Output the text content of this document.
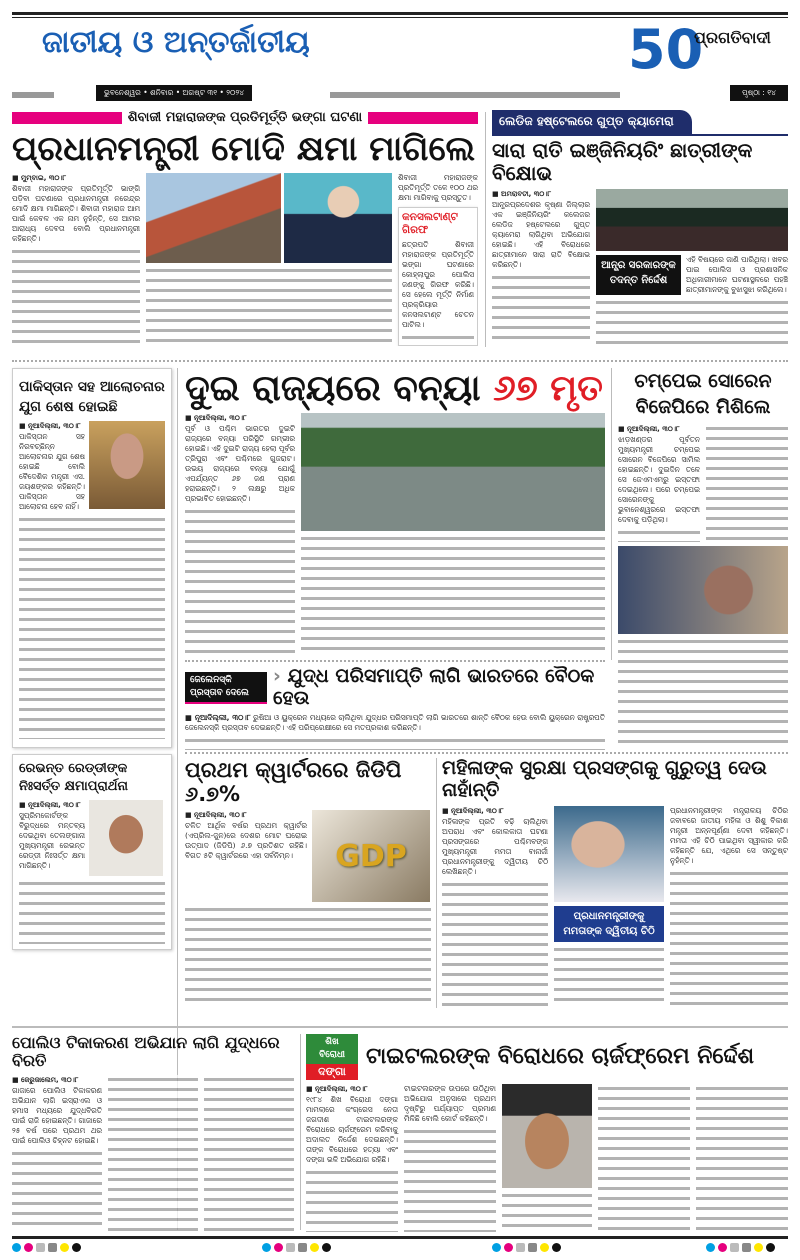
ଜାତୀୟ ଓ ଅନ୍ତର୍ଜାତୀୟ
ଭୁବନେଶ୍ୱର • ଶନିବାର • ଅଗଷ୍ଟ ୩୧ • ୨୦୨୪
50
ପ୍ରଗତିବାଦୀ
ପୃଷ୍ଠା : ୧୪
ଶିବାଜୀ ମହାରାଜଙ୍କ ପ୍ରତିମୂର୍ତ୍ତି ଭଙ୍ଗା ଘଟଣା
ପ୍ରଧାନମନ୍ତ୍ରୀ ମୋଦି କ୍ଷମା ମାଗିଲେ
■ ମୁମ୍ବାଇ, ୩୦।୮
ଶିବାଜୀ ମହାରାଜଙ୍କ ପ୍ରତିମୂର୍ତ୍ତି ଭାଙ୍ଗି ପଡ଼ିବା ଘଟଣାରେ ପ୍ରଧାନମନ୍ତ୍ରୀ ନରେନ୍ଦ୍ର ମୋଦି କ୍ଷମା ମାଗିଛନ୍ତି। ଶିବାଜୀ ମହାରାଜ ଆମ ପାଇଁ କେବଳ ଏକ ନାମ ନୁହଁନ୍ତି, ସେ ଆମର ଆରାଧ୍ୟ ଦେବତା ବୋଲି ପ୍ରଧାନମନ୍ତ୍ରୀ କହିଛନ୍ତି।
ଶିବାଜୀ ମହାରାଜଙ୍କ ପ୍ରତିମୂର୍ତ୍ତି ତଳେ ୧୦୦ ଥର କ୍ଷମା ମାଗିବାକୁ ପ୍ରସ୍ତୁତ।
କନସଲଟାଣ୍ଟ ଗିରଫ
ଛତ୍ରପତି ଶିବାଜୀ ମହାରାଜଙ୍କ ପ୍ରତିମୂର୍ତ୍ତି ଭଙ୍ଗା ଘଟଣାରେ କୋହ୍ଲାପୁର ପୋଲିସ ଜଣଙ୍କୁ ଗିରଫ କରିଛି। ସେ ହେଲେ ମୂର୍ତ୍ତି ନିର୍ମାଣ ପ୍ରକ୍ରିୟାର କନସଲଟାଣ୍ଟ ଚେତନ ପାଟିଲ।
ଲେଡିଜ ହଷ୍ଟେଲରେ ଗୁପ୍ତ କ୍ୟାମେରା
ସାରା ରାତି ଇଞ୍ଜିନିୟରିଂ ଛାତ୍ରୀଙ୍କ ବିକ୍ଷୋଭ
■ ଅମରାବତୀ, ୩୦।୮
ଆନ୍ଧ୍ରପ୍ରଦେଶର କୃଷ୍ଣା ଜିଲ୍ଲାର ଏକ ଇଞ୍ଜିନିୟରିଂ କଲେଜର ଲେଡିଜ ହଷ୍ଟେଲରେ ଗୁପ୍ତ କ୍ୟାମେରା ଲାଗିଥିବା ଅଭିଯୋଗ ହୋଇଛି। ଏହି ବିରୋଧରେ ଛାତ୍ରୀମାନେ ସାରା ରାତି ବିକ୍ଷୋଭ କରିଛନ୍ତି।	ଆନ୍ଧ୍ର ସରକାରଙ୍କ ତଦନ୍ତ ନିର୍ଦ୍ଦେଶ
ଏହି ବିଷୟରେ ଜାଣି ପାରିଥିଲା। ଖବର ପାଇ ପୋଲିସ ଓ ପ୍ରଶାସନିକ ଅଧିକାରୀମାନେ ଘଟଣାସ୍ଥଳରେ ପହଞ୍ଚି ଛାତ୍ରୀମାନଙ୍କୁ ବୁଝାସୁଝା କରିଥିଲେ।
ପାକିସ୍ତାନ ସହ ଆଲୋଚନାର ଯୁଗ ଶେଷ ହୋଇଛି
■ ନୂଆଦିଲ୍ଲୀ, ୩୦।୮
ପାକିସ୍ତାନ ସହ ନିରବଚ୍ଛିନ୍ନ ଆଲୋଚନାର ଯୁଗ ଶେଷ ହୋଇଛି ବୋଲି ବୈଦେଶିକ ମନ୍ତ୍ରୀ ଏସ. ଜୟଶଙ୍କର କହିଛନ୍ତି। ପାକିସ୍ତାନ ସହ ଆଲୋଚନା ହେବ ନାହିଁ।
ଦୁଇ ରାଜ୍ୟରେ ବନ୍ୟା ୬୭ ମୃତ
■ ନୂଆଦିଲ୍ଲୀ, ୩୦।୮
ପୂର୍ବ ଓ ପଶ୍ଚିମ ଭାରତର ଦୁଇଟି ରାଜ୍ୟରେ ବନ୍ୟା ପରିସ୍ଥିତି ଗମ୍ଭୀର ହୋଇଛି। ଏହି ଦୁଇଟି ରାଜ୍ୟ ହେଲା ପୂର୍ବର ତ୍ରିପୁରା ଏବଂ ପଶ୍ଚିମରେ ଗୁଜରାଟ। ଉଭୟ ରାଜ୍ୟରେ ବନ୍ୟା ଯୋଗୁଁ ଏପର୍ଯ୍ୟନ୍ତ ୬୭ ଜଣ ପ୍ରାଣ ହରାଇଛନ୍ତି। ୨ ଲକ୍ଷରୁ ଅଧିକ ପ୍ରଭାବିତ ହୋଇଛନ୍ତି।
ଚମ୍ପେଇ ସୋରେନ ବିଜେପିରେ ମିଶିଲେ
■ ନୂଆଦିଲ୍ଲୀ, ୩୦।୮
ଝାଡ଼ଖଣ୍ଡର ପୂର୍ବତନ ମୁଖ୍ୟମନ୍ତ୍ରୀ ଚମ୍ପେଇ ସୋରେନ ବିଜେପିରେ ସାମିଲ ହୋଇଛନ୍ତି। ଦୁଇଦିନ ତଳେ ସେ ଜେଏମଏମରୁ ଇସ୍ତଫା ଦେଇଥିଲେ। ପରେ ଚମ୍ପେଇ ସୋରେନଙ୍କୁ ଭୁବାନେଶ୍ୱରରେ ଇସ୍ତଫା ଦେବାକୁ ପଡ଼ିଥିଲା।
ଜେଲେନସ୍କି ପ୍ରସ୍ତାବ ଦେଲେ
› ଯୁଦ୍ଧ ପରିସମାପ୍ତି ଲାଗି ଭାରତରେ ବୈଠକ ହେଉ
■ ନୂଆଦିଲ୍ଲୀ, ୩୦।୮ ରୁଷିଆ ଓ ୟୁକ୍ରେନ ମଧ୍ୟରେ ଚାଲିଥିବା ଯୁଦ୍ଧର ପରିସମାପ୍ତି ଲାଗି ଭାରତରେ ଶାନ୍ତି ବୈଠକ ହେଉ ବୋଲି ୟୁକ୍ରେନ ରାଷ୍ଟ୍ରପତି ଜେଲେନସ୍କି ପ୍ରସ୍ତାବ ଦେଇଛନ୍ତି। ଏହି ପରିପ୍ରେକ୍ଷୀରେ ସେ ମତପ୍ରକାଶ କରିଛନ୍ତି।
ରେଭନ୍ତ ରେଡ୍ଡୀଙ୍କ ନିଃସର୍ତ୍ତ କ୍ଷମାପ୍ରାର୍ଥନା
■ ନୂଆଦିଲ୍ଲୀ, ୩୦।୮
ସୁପ୍ରିମକୋର୍ଟଙ୍କ ବିରୁଦ୍ଧରେ ମନ୍ତବ୍ୟ ଦେଇଥିବା ତେଲଙ୍ଗାନା ମୁଖ୍ୟମନ୍ତ୍ରୀ ରେଭନ୍ତ ରେଡ୍ଡୀ ନିଃସର୍ତ୍ତ କ୍ଷମା ମାଗିଛନ୍ତି।
ପ୍ରଥମ କ୍ୱାର୍ଟରରେ ଜିଡିପି ୬.୭%
■ ନୂଆଦିଲ୍ଲୀ, ୩୦।୮
ଚଳିତ ଆର୍ଥିକ ବର୍ଷର ପ୍ରଥମ କ୍ୱାର୍ଟର (ଏପ୍ରିଲ-ଜୁନ)ରେ ଦେଶର ମୋଟ ଘରୋଇ ଉତ୍ପାଦ (ଜିଡିପି) ୬.୭ ପ୍ରତିଶତ ରହିଛି। ବିଗତ ୫ଟି କ୍ୱାର୍ଟରରେ ଏହା ସର୍ବନିମ୍ନ।	GDP
ମହିଳାଙ୍କ ସୁରକ୍ଷା ପ୍ରସଙ୍ଗକୁ ଗୁରୁତ୍ୱ ଦେଉ ନାହାଁନ୍ତି
■ ନୂଆଦିଲ୍ଲୀ, ୩୦।୮
ମହିଳାଙ୍କ ପ୍ରତି ବଢ଼ି ଚାଲିଥିବା ଅପରାଧ ଏବଂ କୋଲକାତା ଘଟଣା ପ୍ରସଙ୍ଗରେ ପଶ୍ଚିମବଙ୍ଗ ମୁଖ୍ୟମନ୍ତ୍ରୀ ମମତା ବାନାର୍ଜୀ ପ୍ରଧାନମନ୍ତ୍ରୀଙ୍କୁ ଦ୍ୱିତୀୟ ଚିଠି ଲେଖିଛନ୍ତି।
ପ୍ରଧାନମନ୍ତ୍ରୀଙ୍କୁ ମମତାଙ୍କ ଦ୍ୱିତୀୟ ଚିଠି
ପ୍ରଧାନମନ୍ତ୍ରୀଙ୍କ ମନ୍ତ୍ରାଳୟ ଚିଠିର ଜବାବରେ ଜାତୀୟ ମହିଳା ଓ ଶିଶୁ ବିକାଶ ମନ୍ତ୍ରୀ ଅନ୍ନପୂର୍ଣ୍ଣା ଦେବୀ କହିଛନ୍ତି। ମମତା ଏହି ଚିଠି ପାଇଥିବା ସ୍ୱୀକାର କରି କହିଛନ୍ତି ଯେ, ଏଥିରେ ସେ ସନ୍ତୁଷ୍ଟ ନୁହଁନ୍ତି।
ପୋଲିଓ ଟିକାକରଣ ଅଭିଯାନ ଲାଗି ଯୁଦ୍ଧରେ ବିରତି
■ ଜେରୁଜାଲେମ, ୩୦।୮
ଗାଜାରେ ପୋଲିଓ ଟିକାକରଣ ଅଭିଯାନ ଲାଗି ଇସ୍ରାଏଲ ଓ ହମାସ ମଧ୍ୟରେ ଯୁଦ୍ଧବିରତି ପାଇଁ ରାଜି ହୋଇଛନ୍ତି। ଗାଜାରେ ୨୫ ବର୍ଷ ପରେ ପ୍ରଥମ ଥର ପାଇଁ ପୋଲିଓ ଚିହ୍ନଟ ହୋଇଛି।
ଶିଖ
ବିରୋଧୀ
ଦଙ୍ଗା
ଟାଇଟଲରଙ୍କ ବିରୋଧରେ ଚାର୍ଜଫ୍ରେମ ନିର୍ଦ୍ଦେଶ
■ ନୂଆଦିଲ୍ଲୀ, ୩୦।୮
୧୯୮୪ ଶିଖ ବିରୋଧୀ ଦଙ୍ଗା ମାମଲାରେ କଂଗ୍ରେସ ନେତା ଜଗଦୀଶ ଟାଇଟଲରଙ୍କ ବିରୋଧରେ ଚାର୍ଜଫ୍ରେମ କରିବାକୁ ଅଦାଲତ ନିର୍ଦ୍ଦେଶ ଦେଇଛନ୍ତି। ତାଙ୍କ ବିରୋଧରେ ହତ୍ୟା ଏବଂ ଦଙ୍ଗା ଭଳି ଅଭିଯୋଗ ରହିଛି।
ଟାଇଟଲରଙ୍କ ଉପରେ ଉଠିଥିବା ଅଭିଯୋଗ ଅନୁସାରେ ପ୍ରଥମ ଦୃଷ୍ଟିରୁ ପର୍ଯ୍ୟାପ୍ତ ପ୍ରମାଣ ମିଳିଛି ବୋଲି କୋର୍ଟ କହିଛନ୍ତି।
